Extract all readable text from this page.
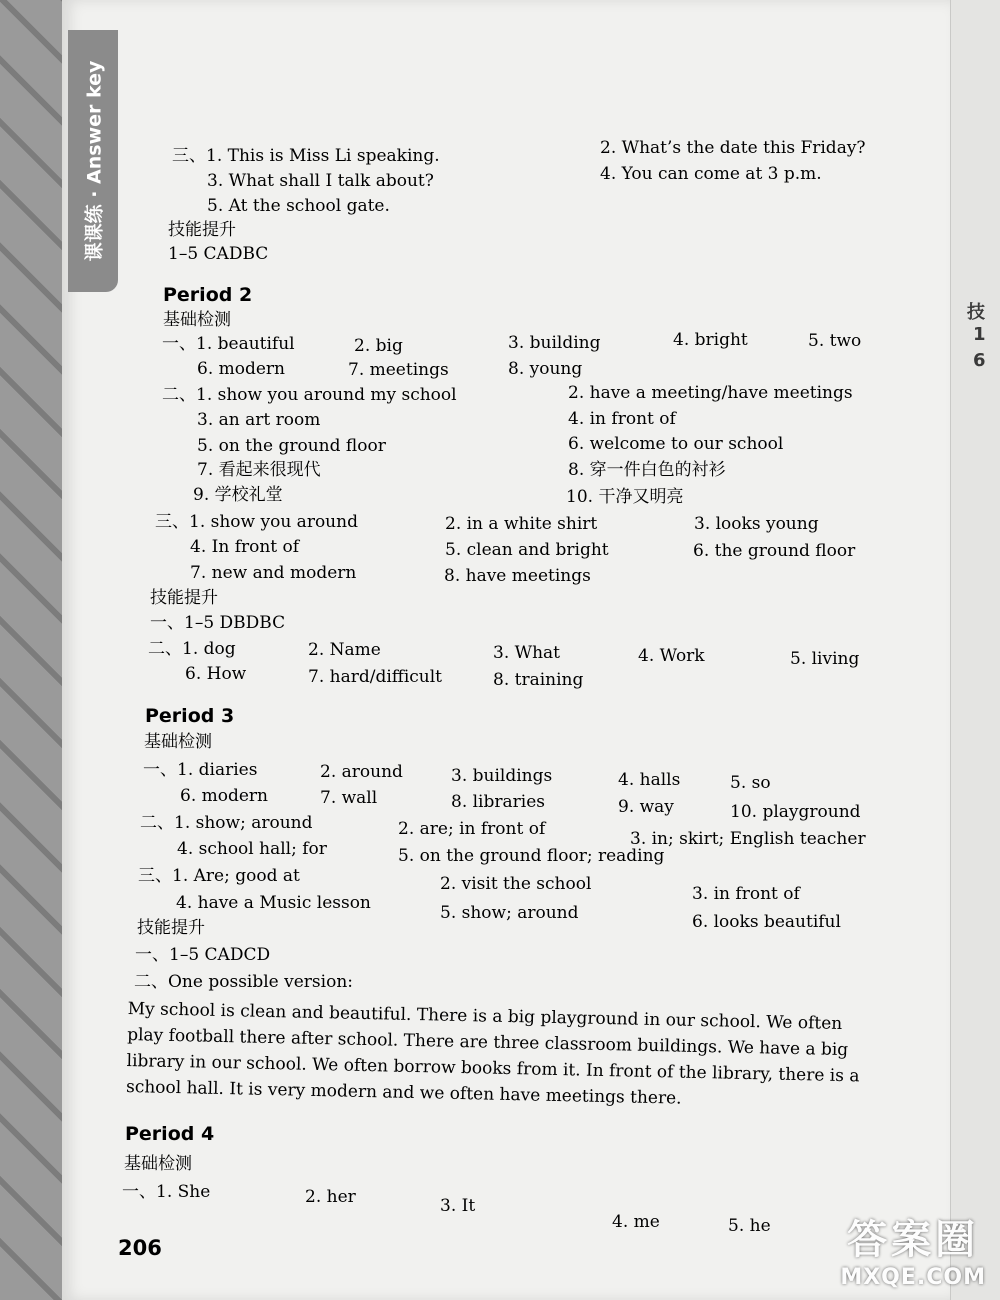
技
1
6
课课练 · Answer key	三、1. This is Miss Li speaking.	2. What’s the date this Friday?
3. What shall I talk about?	4. You can come at 3 p.m.
5. At the school gate.
技能提升
1–5 CADBC
Period 2
基础检测
一、1. beautiful	2. big	3. building	4. bright	5. two
6. modern	7. meetings	8. young
二、1. show you around my school	2. have a meeting/have meetings
3. an art room	4. in front of
5. on the ground floor	6. welcome to our school
7. 看起来很现代	8. 穿一件白色的衬衫
9. 学校礼堂	10. 干净又明亮
三、1. show you around	2. in a white shirt	3. looks young
4. In front of	5. clean and bright	6. the ground floor
7. new and modern	8. have meetings
技能提升
一、1–5 DBDBC
二、1. dog	2. Name	3. What	4. Work	5. living
6. How	7. hard/difficult	8. training
Period 3
基础检测
一、1. diaries	2. around	3. buildings	4. halls	5. so
6. modern	7. wall	8. libraries	9. way	10. playground
二、1. show; around	2. are; in front of	3. in; skirt; English teacher
4. school hall; for	5. on the ground floor; reading
三、1. Are; good at	2. visit the school	3. in front of
4. have a Music lesson	5. show; around	6. looks beautiful
技能提升
一、1–5 CADCD
二、One possible version:
Period 4
基础检测
一、1. She	2. her	3. It
4. me	5. he
My school is clean and beautiful. There is a big playground in our school. We often play football there after school. There are three classroom buildings. We have a big library in our school. We often borrow books from it. In front of the library, there is a school hall. It is very modern and we often have meetings there.
206	答案圈
MXQE.COM
